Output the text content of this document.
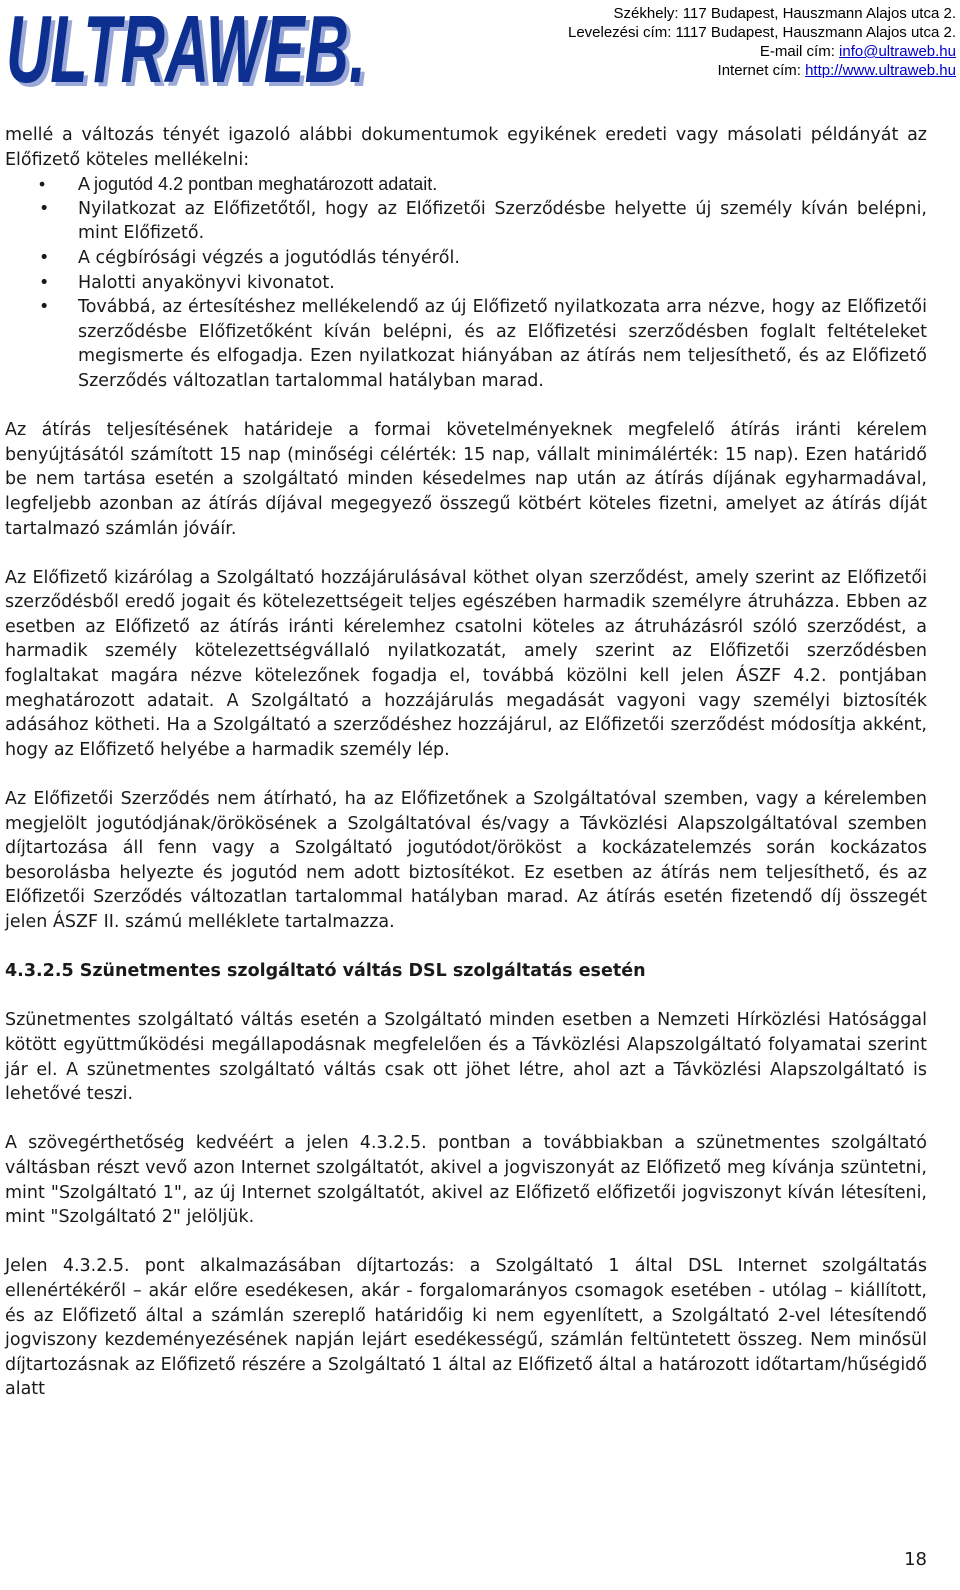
ULTRAWEB.
ULTRAWEB.	Székhely: 117 Budapest, Hauszmann Alajos utca 2.
Levelezési cím: 1117 Budapest, Hauszmann Alajos utca 2.
E-mail cím: info@ultraweb.hu
Internet cím: http://www.ultraweb.hu

mellé a változás tényét igazoló alábbi dokumentumok egyikének eredeti vagy másolati példányát az Előfizető köteles mellékelni:

• A jogutód 4.2 pontban meghatározott adatait.
• Nyilatkozat az Előfizetőtől, hogy az Előfizetői Szerződésbe helyette új személy kíván belépni, mint Előfizető.
• A cégbírósági végzés a jogutódlás tényéről.
• Halotti anyakönyvi kivonatot.
• Továbbá, az értesítéshez mellékelendő az új Előfizető nyilatkozata arra nézve, hogy az Előfizetői szerződésbe Előfizetőként kíván belépni, és az Előfizetési szerződésben foglalt feltételeket megismerte és elfogadja. Ezen nyilatkozat hiányában az átírás nem teljesíthető, és az Előfizető Szerződés változatlan tartalommal hatályban marad.

Az átírás teljesítésének határideje a formai követelményeknek megfelelő átírás iránti kérelem benyújtásától számított 15 nap (minőségi célérték: 15 nap, vállalt minimálérték: 15 nap). Ezen határidő be nem tartása esetén a szolgáltató minden késedelmes nap után az átírás díjának egyharmadával, legfeljebb azonban az átírás díjával megegyező összegű kötbért köteles fizetni, amelyet az átírás díját tartalmazó számlán jóváír.

Az Előfizető kizárólag a Szolgáltató hozzájárulásával köthet olyan szerződést, amely szerint az Előfizetői szerződésből eredő jogait és kötelezettségeit teljes egészében harmadik személyre átruházza. Ebben az esetben az Előfizető az átírás iránti kérelemhez csatolni köteles az átruházásról szóló szerződést, a harmadik személy kötelezettségvállaló nyilatkozatát, amely szerint az Előfizetői szerződésben foglaltakat magára nézve kötelezőnek fogadja el, továbbá közölni kell jelen ÁSZF 4.2. pontjában meghatározott adatait. A Szolgáltató a hozzájárulás megadását vagyoni vagy személyi biztosíték adásához kötheti. Ha a Szolgáltató a szerződéshez hozzájárul, az Előfizetői szerződést módosítja akként, hogy az Előfizető helyébe a harmadik személy lép.

Az Előfizetői Szerződés nem átírható, ha az Előfizetőnek a Szolgáltatóval szemben, vagy a kérelemben megjelölt jogutódjának/örökösének a Szolgáltatóval és/vagy a Távközlési Alapszolgáltatóval szemben díjtartozása áll fenn vagy a Szolgáltató jogutódot/örököst a kockázatelemzés során kockázatos besorolásba helyezte és jogutód nem adott biztosítékot. Ez esetben az átírás nem teljesíthető, és az Előfizetői Szerződés változatlan tartalommal hatályban marad. Az átírás esetén fizetendő díj összegét jelen ÁSZF II. számú melléklete tartalmazza.

4.3.2.5 Szünetmentes szolgáltató váltás DSL szolgáltatás esetén

Szünetmentes szolgáltató váltás esetén a Szolgáltató minden esetben a Nemzeti Hírközlési Hatósággal kötött együttműködési megállapodásnak megfelelően és a Távközlési Alapszolgáltató folyamatai szerint jár el. A szünetmentes szolgáltató váltás csak ott jöhet létre, ahol azt a Távközlési Alapszolgáltató is lehetővé teszi.

A szövegérthetőség kedvéért a jelen 4.3.2.5. pontban a továbbiakban a szünetmentes szolgáltató váltásban részt vevő azon Internet szolgáltatót, akivel a jogviszonyát az Előfizető meg kívánja szüntetni, mint "Szolgáltató 1", az új Internet szolgáltatót, akivel az Előfizető előfizetői jogviszonyt kíván létesíteni, mint "Szolgáltató 2" jelöljük.

Jelen 4.3.2.5. pont alkalmazásában díjtartozás: a Szolgáltató 1 által DSL Internet szolgáltatás ellenértékéről – akár előre esedékesen, akár - forgalomarányos csomagok esetében - utólag – kiállított, és az Előfizető által a számlán szereplő határidőig ki nem egyenlített, a Szolgáltató 2-vel létesítendő jogviszony kezdeményezésének napján lejárt esedékességű, számlán feltüntetett összeg. Nem minősül díjtartozásnak az Előfizető részére a Szolgáltató 1 által az Előfizető által a határozott időtartam/hűségidő alatt

18
